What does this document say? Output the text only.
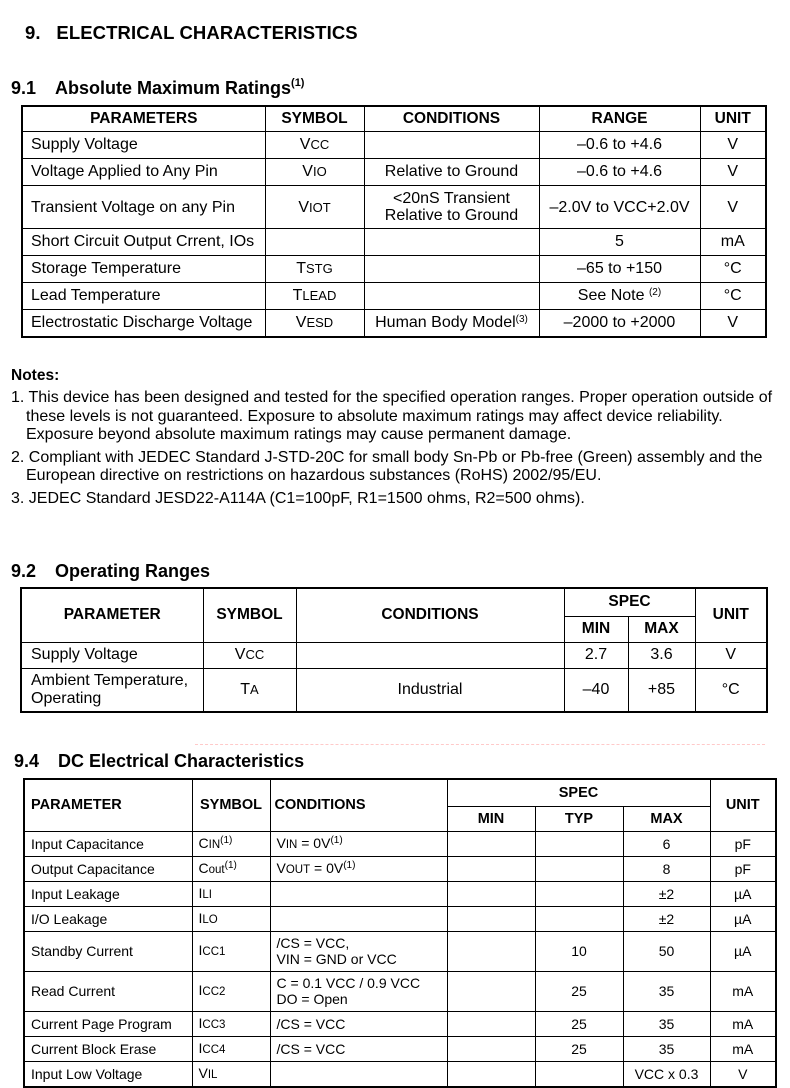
9. ELECTRICAL CHARACTERISTICS
9.1 Absolute Maximum Ratings$^{(1)}$
PARAMETERS	SYMBOL	CONDITIONS	RANGE	UNIT
Supply Voltage	VCC		–0.6 to +4.6	V
Voltage Applied to Any Pin	VIO	Relative to Ground	–0.6 to +4.6	V
Transient Voltage on any Pin	VIOT	<20nS Transient
Relative to Ground	–2.0V to VCC+2.0V	V
Short Circuit Output Crrent, IOs			5	mA
Storage Temperature	TSTG		–65 to +150	°C
Lead Temperature	TLEAD		See Note $^{(2)}$	°C
Electrostatic Discharge Voltage	VESD	Human Body Model$^{(3)}$	–2000 to +2000	V
Notes:
1. This device has been designed and tested for the specified operation ranges. Proper operation outside of these levels is not guaranteed. Exposure to absolute maximum ratings may affect device reliability. Exposure beyond absolute maximum ratings may cause permanent damage.
2. Compliant with JEDEC Standard J-STD-20C for small body Sn-Pb or Pb-free (Green) assembly and the European directive on restrictions on hazardous substances (RoHS) 2002/95/EU.
3. JEDEC Standard JESD22-A114A (C1=100pF, R1=1500 ohms, R2=500 ohms).
9.2 Operating Ranges
PARAMETER	SYMBOL	CONDITIONS	SPEC		UNIT
			MIN	MAX	
Supply Voltage	VCC		2.7	3.6	V

Ambient Temperature,
Operating	TA	Industrial	–40	+85	°C
9.4 DC Electrical Characteristics
PARAMETER	SYMBOL	CONDITIONS	SPEC			UNIT
			MIN	TYP	MAX	
Input Capacitance	CIN$^{(1)}$	VIN = $0V^{(1)}$			6	pF
Output Capacitance	Cout$^{(1)}$	VOUT = $0V^{(1)}$			8	pF
Input Leakage	ILI				±2	µA
I/O Leakage	ILO				±2	µA
Standby Current	ICC1	/CS = VCC,
VIN = GND or VCC		10	50	µA
Read Current	ICC2	C = 0.1 VCC / 0.9 VCC
DO = Open		25	35	mA
Current Page Program	ICC3	/CS = VCC		25	35	mA
Current Block Erase	ICC4	/CS = VCC		25	35	mA
Input Low Voltage	VIL				VCC x 0.3	V
